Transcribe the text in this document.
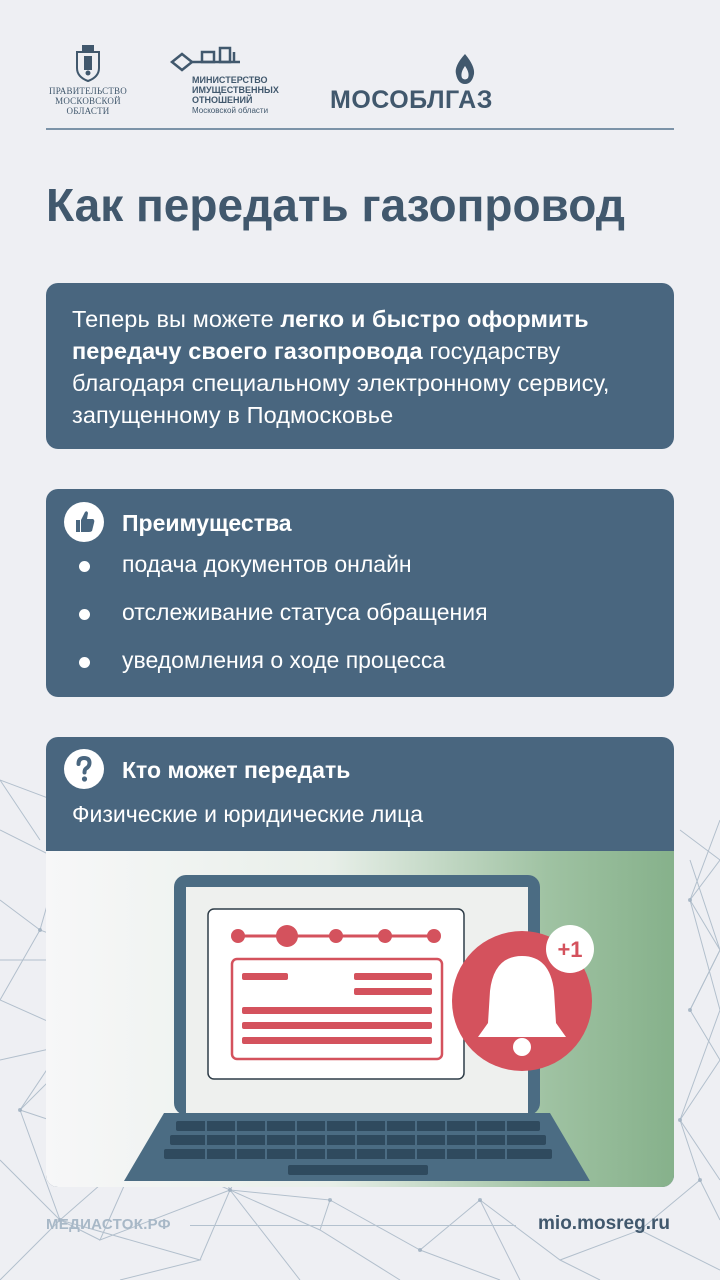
ПРАВИТЕЛЬСТВО
МОСКОВСКОЙ
ОБЛАСТИ
МИНИСТЕРСТВО
ИМУЩЕСТВЕННЫХ
ОТНОШЕНИЙ
Московской области МОСОБЛГАЗ
Как передать газопровод
Теперь вы можете легко и быстро оформить передачу своего газопровода государству благодаря специальному электронному сервису, запущенному в Подмосковье
Преимущества
подача документов онлайн
отслеживание статуса обращения
уведомления о ходе процесса
Кто может передать
Физические и юридические лица
+1
МЕДИАСТОК.РФ	mio.mosreg.ru
